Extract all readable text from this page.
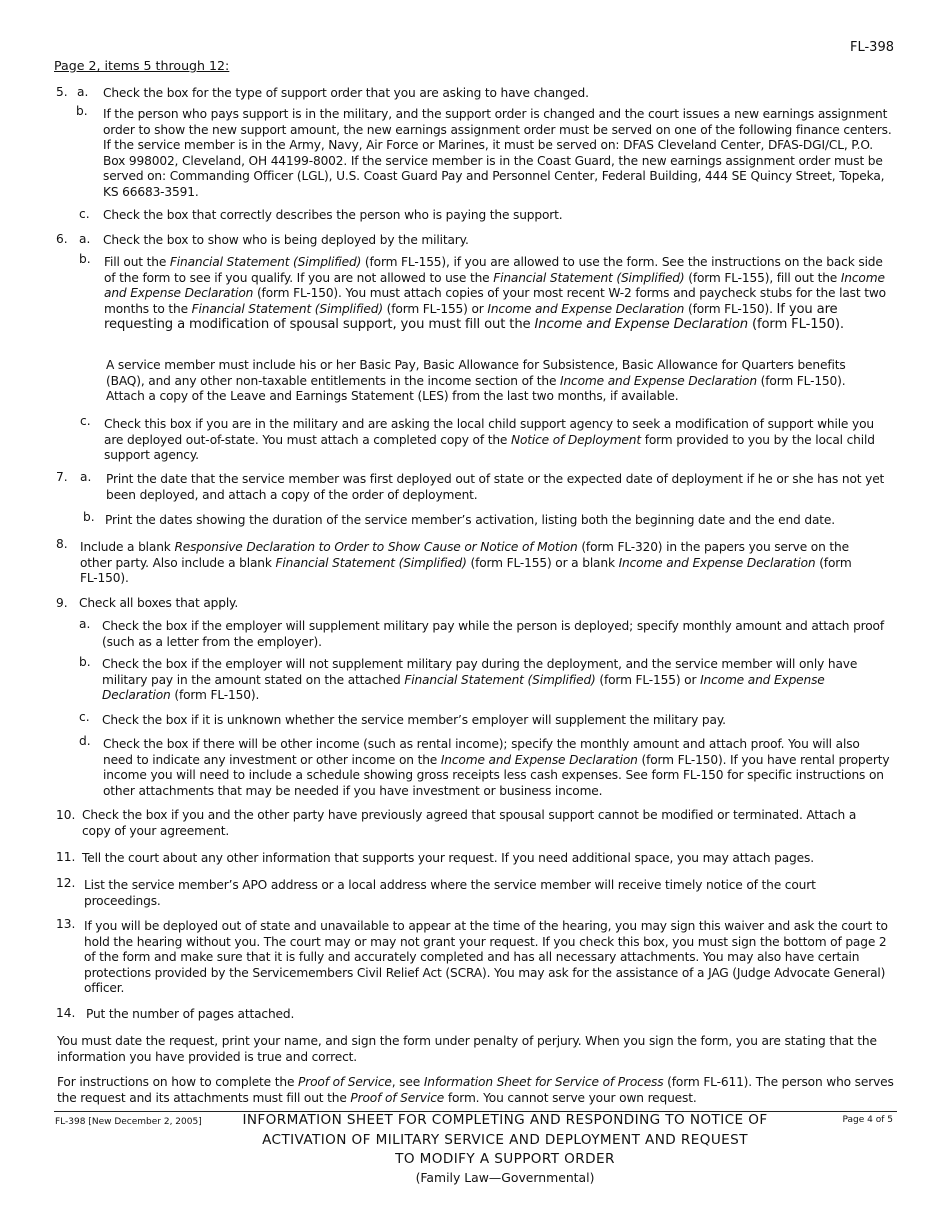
FL-398
Page 2, items 5 through 12:
5. a. Check the box for the type of support order that you are asking to have changed.
b. If the person who pays support is in the military, and the support order is changed and the court issues a new earnings assignment order to show the new support amount, the new earnings assignment order must be served on one of the following finance centers. If the service member is in the Army, Navy, Air Force or Marines, it must be served on: DFAS Cleveland Center, DFAS-DGI/CL, P.O. Box 998002, Cleveland, OH 44199-8002. If the service member is in the Coast Guard, the new earnings assignment order must be served on: Commanding Officer (LGL), U.S. Coast Guard Pay and Personnel Center, Federal Building, 444 SE Quincy Street, Topeka, KS 66683-3591.
c. Check the box that correctly describes the person who is paying the support.
6. a. Check the box to show who is being deployed by the military.
b. Fill out the Financial Statement (Simplified) (form FL-155), if you are allowed to use the form. See the instructions on the back side of the form to see if you qualify. If you are not allowed to use the Financial Statement (Simplified) (form FL-155), fill out the Income and Expense Declaration (form FL-150). You must attach copies of your most recent W-2 forms and paycheck stubs for the last two months to the Financial Statement (Simplified) (form FL-155) or Income and Expense Declaration (form FL-150). If you are requesting a modification of spousal support, you must fill out the Income and Expense Declaration (form FL-150).
A service member must include his or her Basic Pay, Basic Allowance for Subsistence, Basic Allowance for Quarters benefits (BAQ), and any other non-taxable entitlements in the income section of the Income and Expense Declaration (form FL-150). Attach a copy of the Leave and Earnings Statement (LES) from the last two months, if available.
c. Check this box if you are in the military and are asking the local child support agency to seek a modification of support while you are deployed out-of-state. You must attach a completed copy of the Notice of Deployment form provided to you by the local child support agency.
7. a. Print the date that the service member was first deployed out of state or the expected date of deployment if he or she has not yet been deployed, and attach a copy of the order of deployment.
b. Print the dates showing the duration of the service member’s activation, listing both the beginning date and the end date.
8. Include a blank Responsive Declaration to Order to Show Cause or Notice of Motion (form FL-320) in the papers you serve on the other party. Also include a blank Financial Statement (Simplified) (form FL-155) or a blank Income and Expense Declaration (form FL-150).
9. Check all boxes that apply.
a. Check the box if the employer will supplement military pay while the person is deployed; specify monthly amount and attach proof (such as a letter from the employer).
b. Check the box if the employer will not supplement military pay during the deployment, and the service member will only have military pay in the amount stated on the attached Financial Statement (Simplified) (form FL-155) or Income and Expense Declaration (form FL-150).
c. Check the box if it is unknown whether the service member’s employer will supplement the military pay.
d. Check the box if there will be other income (such as rental income); specify the monthly amount and attach proof. You will also need to indicate any investment or other income on the Income and Expense Declaration (form FL-150). If you have rental property income you will need to include a schedule showing gross receipts less cash expenses. See form FL-150 for specific instructions on other attachments that may be needed if you have investment or business income.
10. Check the box if you and the other party have previously agreed that spousal support cannot be modified or terminated. Attach a copy of your agreement.
11. Tell the court about any other information that supports your request. If you need additional space, you may attach pages.
12. List the service member’s APO address or a local address where the service member will receive timely notice of the court proceedings.
13. If you will be deployed out of state and unavailable to appear at the time of the hearing, you may sign this waiver and ask the court to hold the hearing without you. The court may or may not grant your request. If you check this box, you must sign the bottom of page 2 of the form and make sure that it is fully and accurately completed and has all necessary attachments. You may also have certain protections provided by the Servicemembers Civil Relief Act (SCRA). You may ask for the assistance of a JAG (Judge Advocate General) officer.
14. Put the number of pages attached.
You must date the request, print your name, and sign the form under penalty of perjury. When you sign the form, you are stating that the information you have provided is true and correct.
For instructions on how to complete the Proof of Service, see Information Sheet for Service of Process (form FL-611). The person who serves the request and its attachments must fill out the Proof of Service form. You cannot serve your own request.
FL-398 [New December 2, 2005]	Page 4 of 5
INFORMATION SHEET FOR COMPLETING AND RESPONDING TO NOTICE OF
ACTIVATION OF MILITARY SERVICE AND DEPLOYMENT AND REQUEST
TO MODIFY A SUPPORT ORDER
(Family Law—Governmental)
